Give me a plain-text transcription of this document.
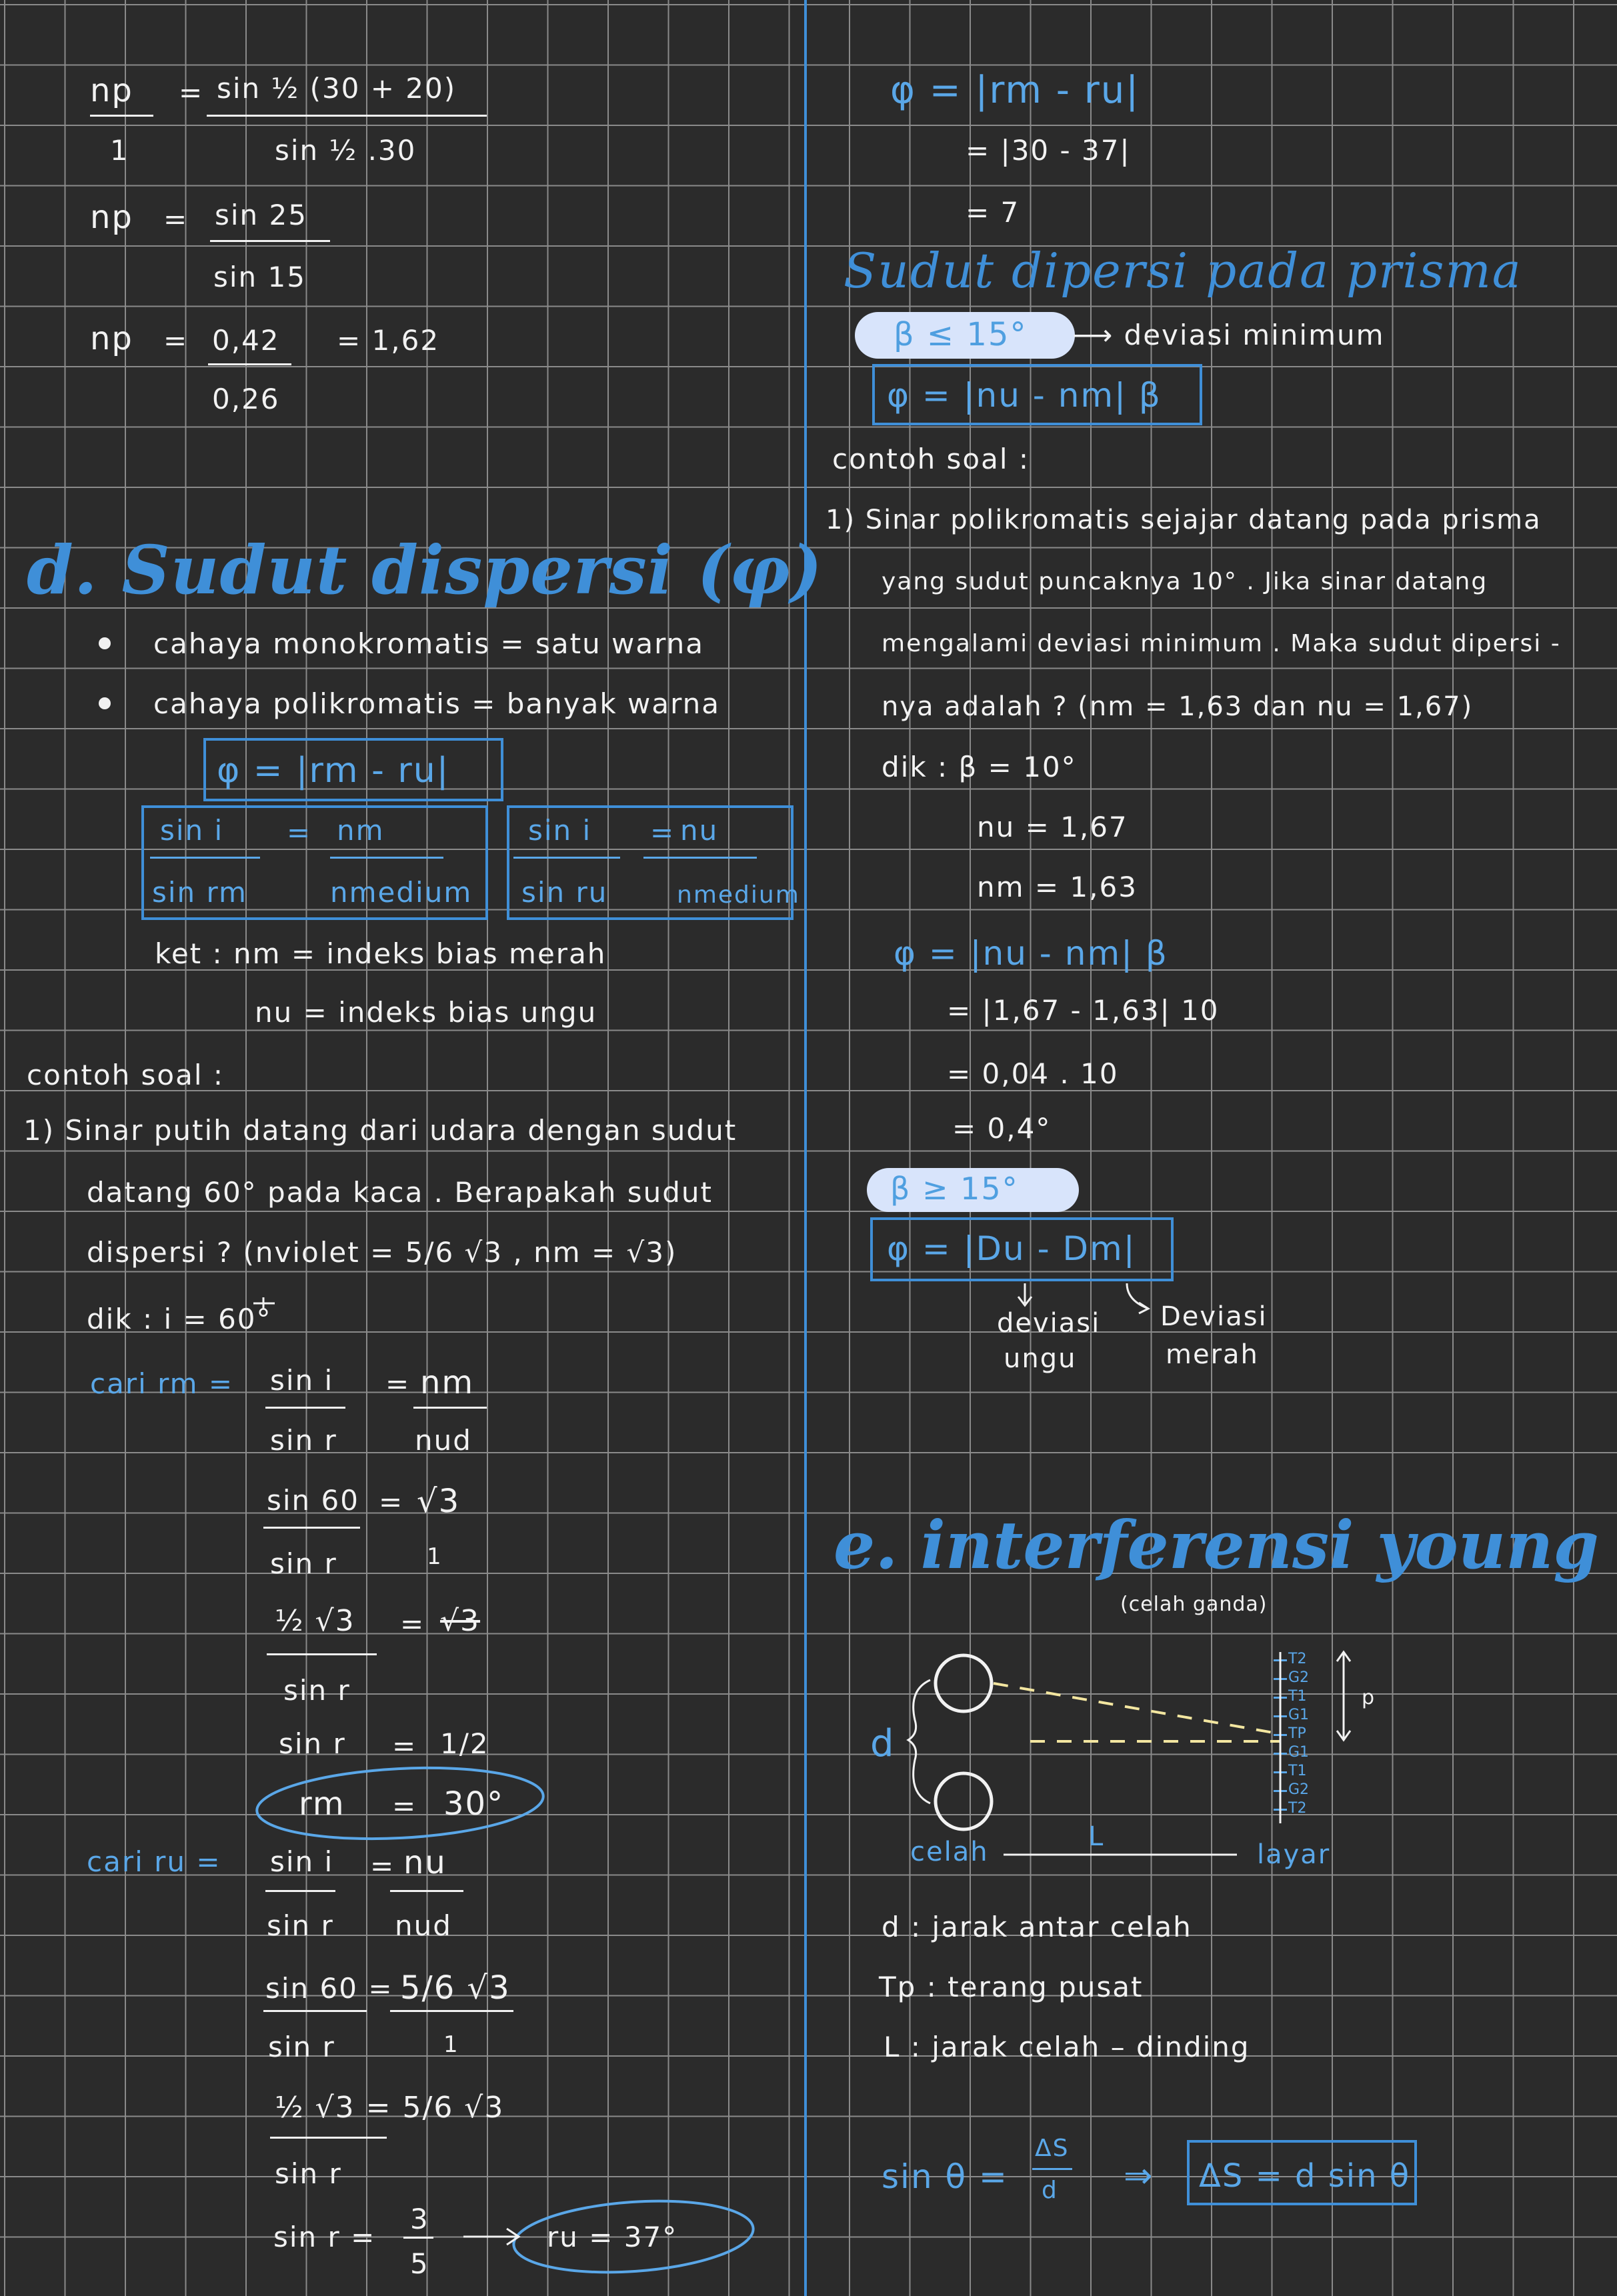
np = sin ½ (30 + 20)
1	sin ½ .30
np = sin 25
sin 15
np = 0,42 = 1,62
0,26
d. Sudut dispersi (φ)
cahaya monokromatis = satu warna
cahaya polikromatis = banyak warna
φ = |rm - ru|
sin i = nm
sin rm	nmedium
sin i = nu
sin ru	nmedium
ket : nm = indeks bias merah
nu = indeks bias ungu
contoh soal :
1) Sinar putih datang dari udara dengan sudut
datang 60° pada kaca . Berapakah sudut
dispersi ? (nviolet = 5/6 √3 , nm = √3)
dik : i = 60°
cari rm = sin i = nm
sin r	nud
sin 60 = √3
sin r	1
½ √3 = √3
sin r
sin r = 1/2
rm = 30°
cari ru = sin i = nu
sin r nud
sin 60 = 5/6 √3
sin r	1
½ √3 = 5/6 √3
sin r
sin r =
3
5
ru = 37°
φ = |rm - ru|
= |30 - 37|
= 7
Sudut dipersi pada prisma
β ≤ 15° ⟶ deviasi minimum
φ = |nu - nm| β
contoh soal :
1) Sinar polikromatis sejajar datang pada prisma
yang sudut puncaknya 10° . Jika sinar datang
mengalami deviasi minimum . Maka sudut dipersi -
nya adalah ? (nm = 1,63 dan nu = 1,67)
dik : β = 10°
nu = 1,67
nm = 1,63
φ = |nu - nm| β
= |1,67 - 1,63| 10
= 0,04 . 10
= 0,4°
β ≥ 15°
φ = |Du - Dm|
deviasi
ungu
Deviasi
merah
e. interferensi young
(celah ganda)
d
celah	L
layar
p
T2
G2
T1
G1
TP
G1
T1
G2
T2
d : jarak antar celah
Tp : terang pusat
L : jarak celah – dinding
sin θ =
ΔS
d ⇒ ΔS = d sin θ
